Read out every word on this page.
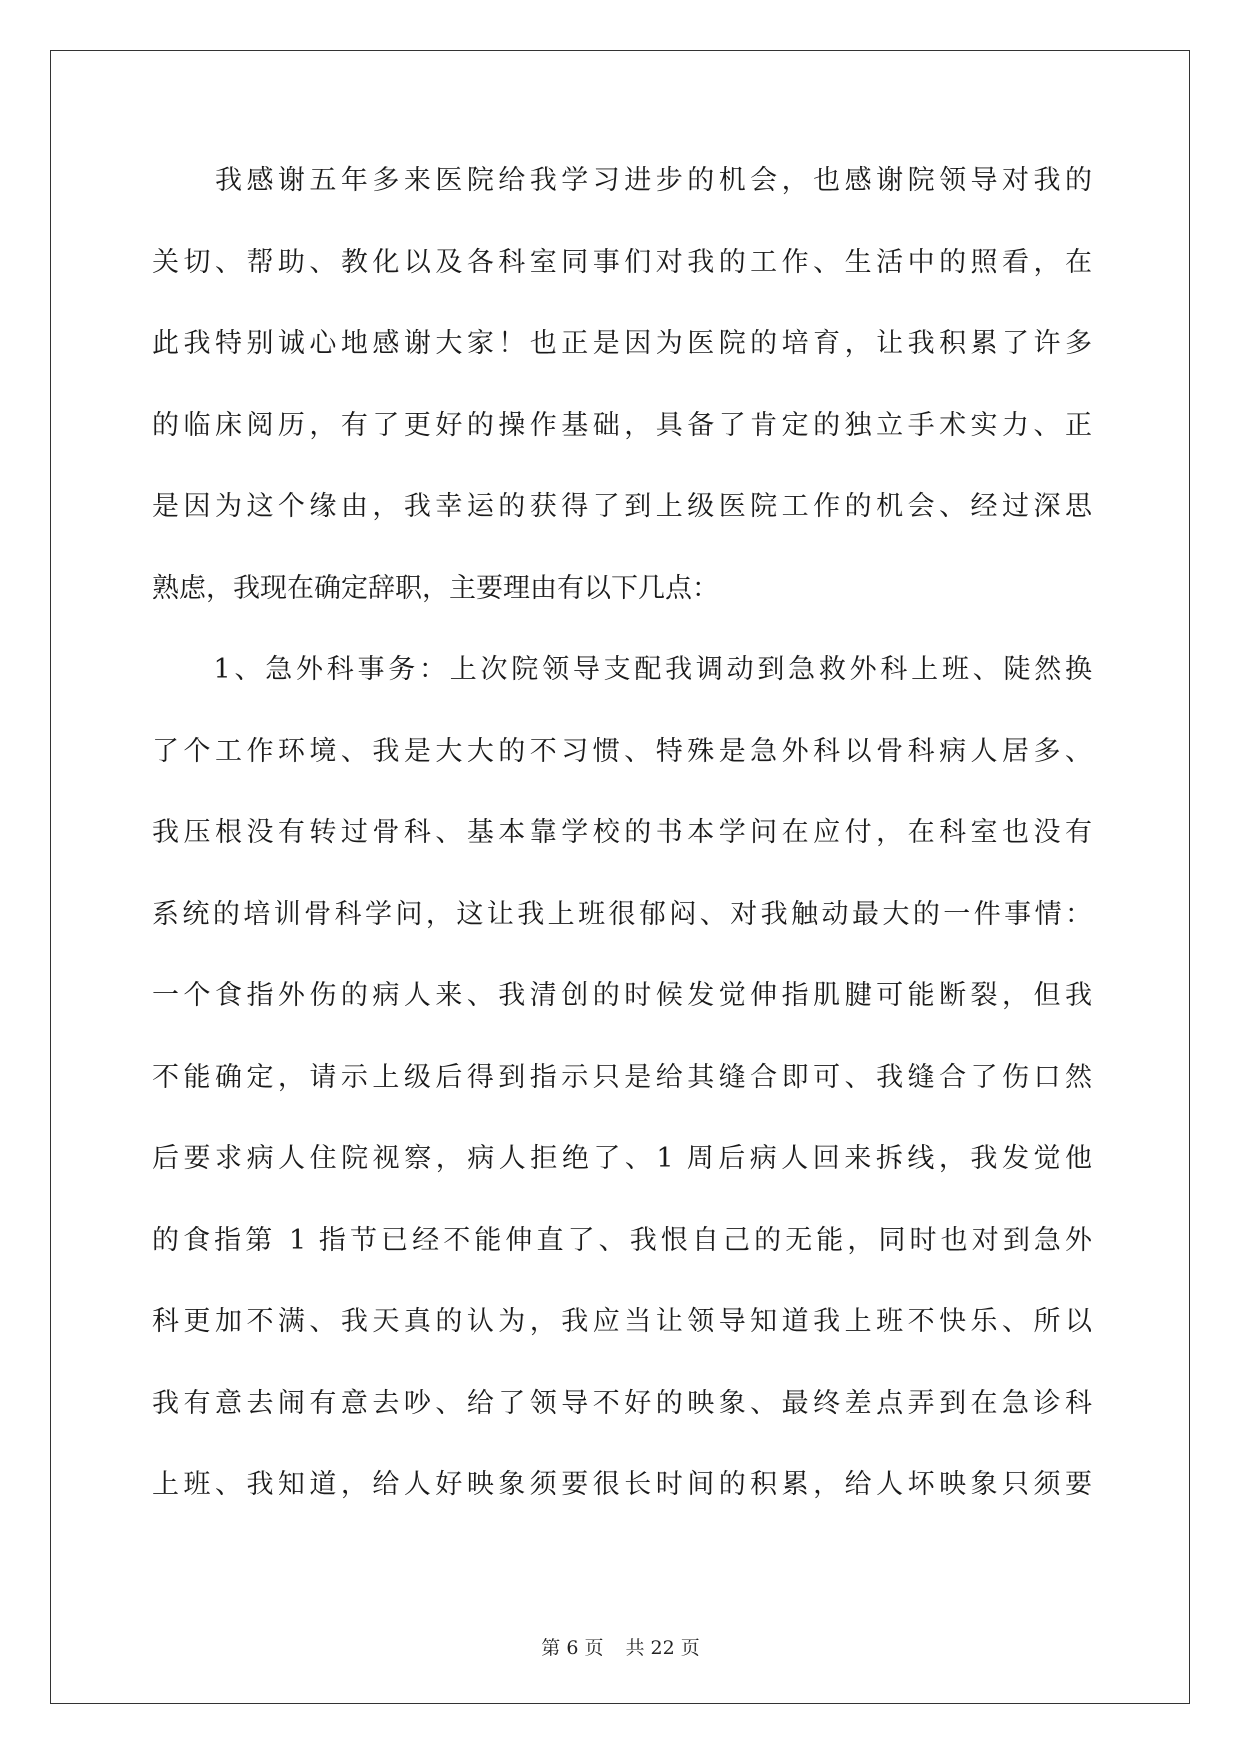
　　我感谢五年多来医院给我学习进步的机会，也感谢院领导对我的
关切、帮助、教化以及各科室同事们对我的工作、生活中的照看，在
此我特别诚心地感谢大家！也正是因为医院的培育，让我积累了许多
的临床阅历，有了更好的操作基础，具备了肯定的独立手术实力、正
是因为这个缘由，我幸运的获得了到上级医院工作的机会、经过深思
熟虑，我现在确定辞职，主要理由有以下几点：
　　1、急外科事务：上次院领导支配我调动到急救外科上班、陡然换
了个工作环境、我是大大的不习惯、特殊是急外科以骨科病人居多、
我压根没有转过骨科、基本靠学校的书本学问在应付，在科室也没有
系统的培训骨科学问，这让我上班很郁闷、对我触动最大的一件事情：
一个食指外伤的病人来、我清创的时候发觉伸指肌腱可能断裂，但我
不能确定，请示上级后得到指示只是给其缝合即可、我缝合了伤口然
后要求病人住院视察，病人拒绝了、1 周后病人回来拆线，我发觉他
的食指第 1 指节已经不能伸直了、我恨自己的无能，同时也对到急外
科更加不满、我天真的认为，我应当让领导知道我上班不快乐、所以
我有意去闹有意去吵、给了领导不好的映象、最终差点弄到在急诊科
上班、我知道，给人好映象须要很长时间的积累，给人坏映象只须要
第 6 页 共 22 页
